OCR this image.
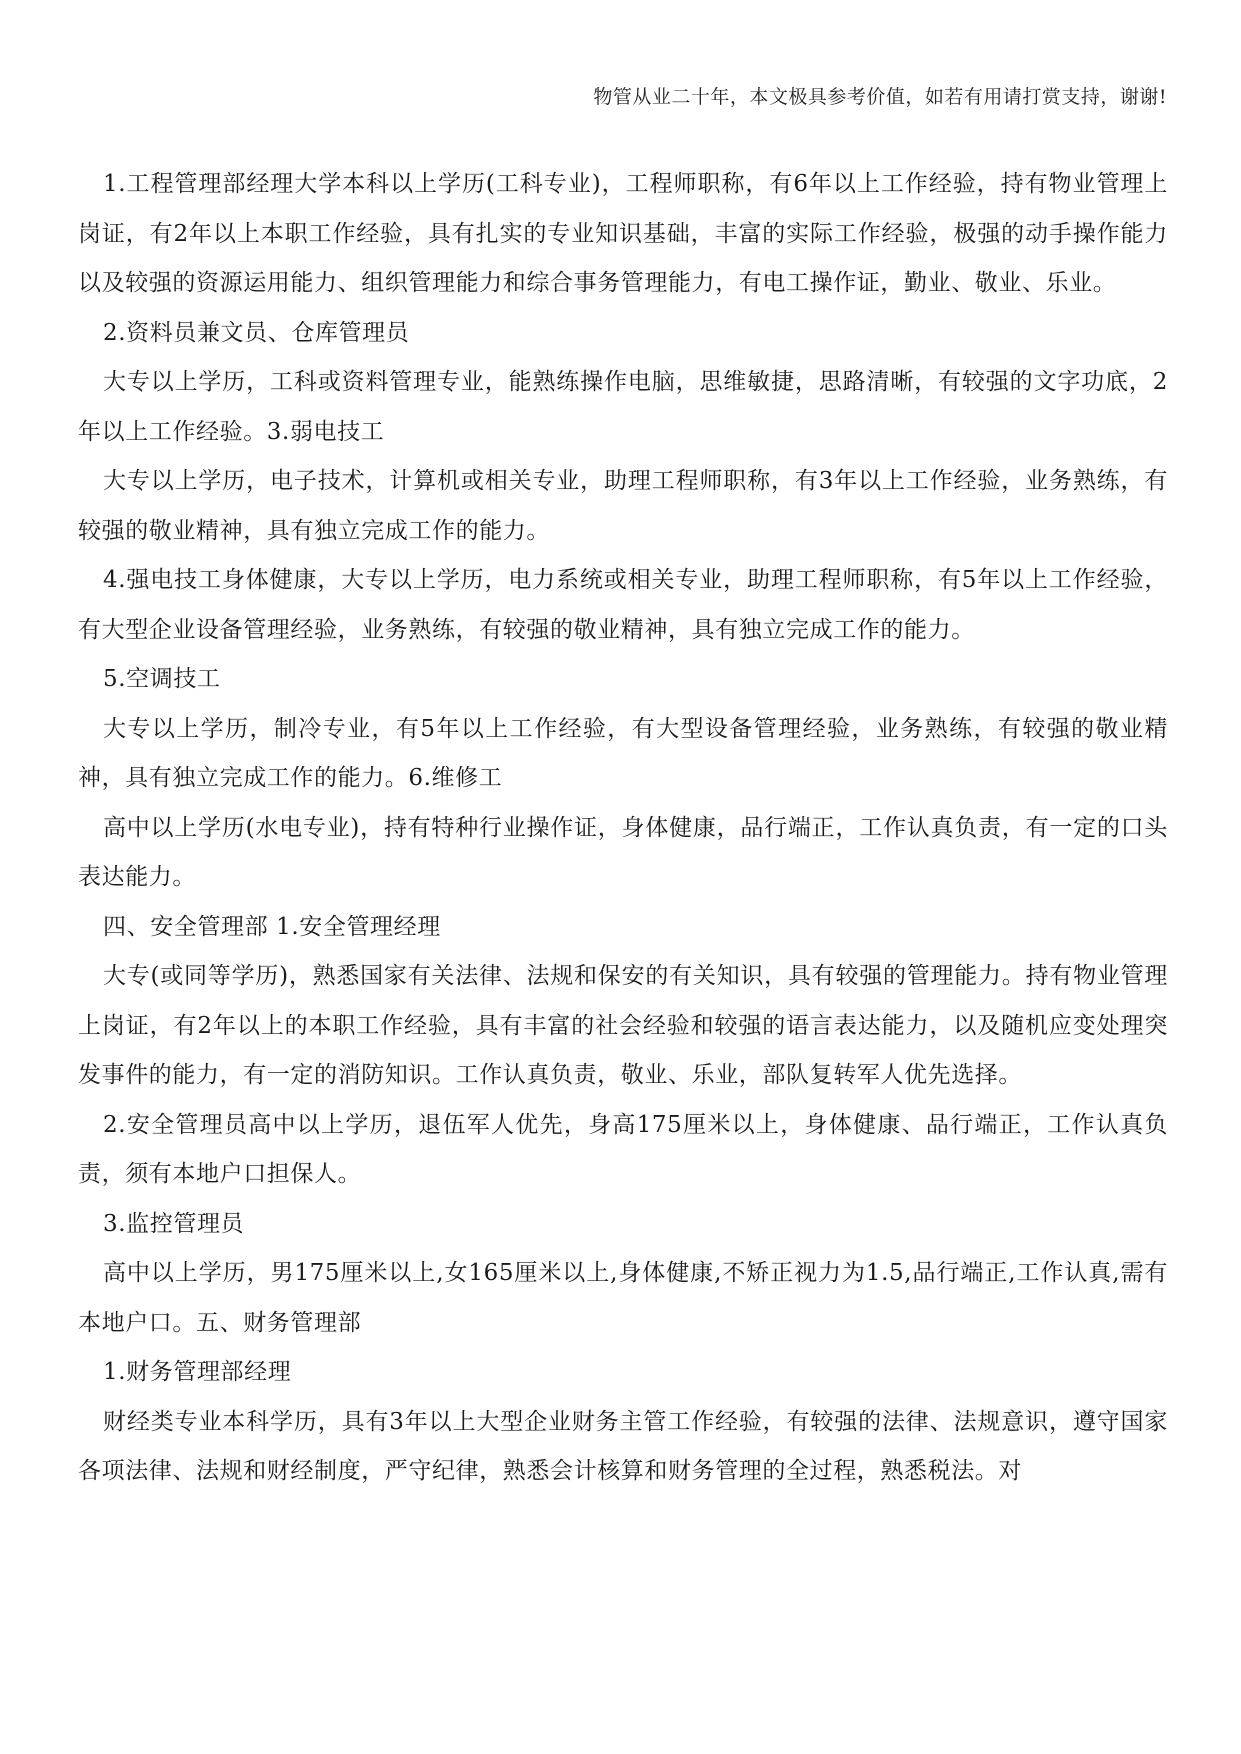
物管从业二十年，本文极具参考价值，如若有用请打赏支持，谢谢!

1.工程管理部经理大学本科以上学历(工科专业)，工程师职称，有6年以上工作经验，持有物业管理上岗证，有2年以上本职工作经验，具有扎实的专业知识基础，丰富的实际工作经验，极强的动手操作能力以及较强的资源运用能力、组织管理能力和综合事务管理能力，有电工操作证，勤业、敬业、乐业。

2.资料员兼文员、仓库管理员

大专以上学历，工科或资料管理专业，能熟练操作电脑，思维敏捷，思路清晰，有较强的文字功底，2年以上工作经验。3.弱电技工

大专以上学历，电子技术，计算机或相关专业，助理工程师职称，有3年以上工作经验，业务熟练，有较强的敬业精神，具有独立完成工作的能力。

4.强电技工身体健康，大专以上学历，电力系统或相关专业，助理工程师职称，有5年以上工作经验，有大型企业设备管理经验，业务熟练，有较强的敬业精神，具有独立完成工作的能力。

5.空调技工

大专以上学历，制冷专业，有5年以上工作经验，有大型设备管理经验，业务熟练，有较强的敬业精神，具有独立完成工作的能力。6.维修工

高中以上学历(水电专业)，持有特种行业操作证，身体健康，品行端正，工作认真负责，有一定的口头表达能力。

四、安全管理部 1.安全管理经理

大专(或同等学历)，熟悉国家有关法律、法规和保安的有关知识，具有较强的管理能力。持有物业管理上岗证，有2年以上的本职工作经验，具有丰富的社会经验和较强的语言表达能力，以及随机应变处理突发事件的能力，有一定的消防知识。工作认真负责，敬业、乐业，部队复转军人优先选择。

2.安全管理员高中以上学历，退伍军人优先，身高175厘米以上，身体健康、品行端正，工作认真负责，须有本地户口担保人。

3.监控管理员

高中以上学历，男175厘米以上,女165厘米以上,身体健康,不矫正视力为1.5,品行端正,工作认真,需有本地户口。五、财务管理部

1.财务管理部经理

财经类专业本科学历，具有3年以上大型企业财务主管工作经验，有较强的法律、法规意识，遵守国家各项法律、法规和财经制度，严守纪律，熟悉会计核算和财务管理的全过程，熟悉税法。对
